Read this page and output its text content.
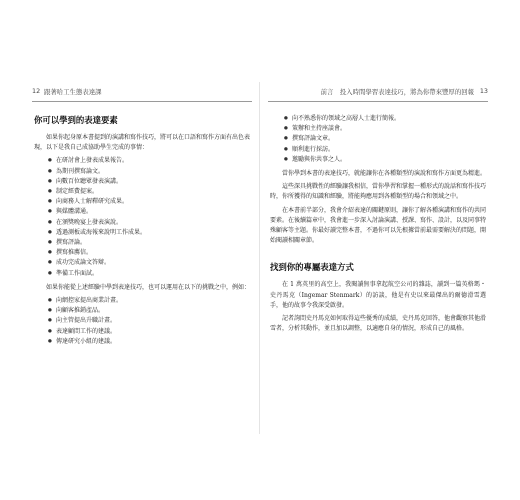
12 跟著哈工生態表達課
你可以學到的表達要素
如果你起身原本書提到的演講和寫作技巧，將可以在口語和寫作方面有出色表現，以下是我自己成協助學生完成的事情：
● 在研討會上發表成果報告。
● 為期刊撰寫論文。
● 向數百位聽眾發表演講。
● 制定經費提案。
● 向商務人士解釋研究成果。
● 與媒體溝通。
● 在頒獎晚宴上發表演說。
● 透過測板或海報來說明工作成果。
● 撰寫評論。
● 撰寫推薦信。
● 成功完成論文答辯。
● 準備工作面試。
如果你能從上述經驗中學到表達技巧，也可以運用在以下的挑戰之中，例如：
● 向網控家提出商業計畫。
● 向顧客推銷產品。
● 向主管提出升職計畫。
● 表達顧問工作的建議。
● 傳達研究小組的建議。
前言　投入時間學習表達技巧，將為你帶來豐厚的回報 13
● 向不熟悉你的領域之高層人士進行簡報。
● 策辦和主持座談會。
● 撰寫評論文章。
● 順利進行採訪。
● 邀勵與你共事之人。
當你學到本書的表達技巧，就能讓你在各種類型的演說和寫作方面更為精進。
這些深具挑戰性的經驗讓我相信，當你學習和掌握一種形式的說話和寫作技巧時，你所獲得的知識和經驗，將能夠應用到各種類型的場合和領域之中。
在本書前半部分，我會介紹表達的關鍵原則，讓你了解各種演講和寫作的共同要素。在後續篇章中，我會進一步深入討論演講、授課、寫作、設計，以及同事特殊顧客等主題。你最好讀完整本書，不過你可以先根據當前最需要解決的問題，開始閱讀相關章節。
找到你的專屬表達方式
在 1 萬英里的高空上，我閱讀無事拿起航空公司的雜誌，讀到一篇英格瑪・史丹馬克（Ingemar Stenmark）的訪談，他是有史以來最傑出的爾德滑雪選手，他的故事令我深受啟發。
記者詢問史丹馬克如何取得這些優秀的成績，史丹馬克回答，他會觀察其他滑雪者，分析其動作，並且加以調整，以適應自身的情況，形成自己的風格。
